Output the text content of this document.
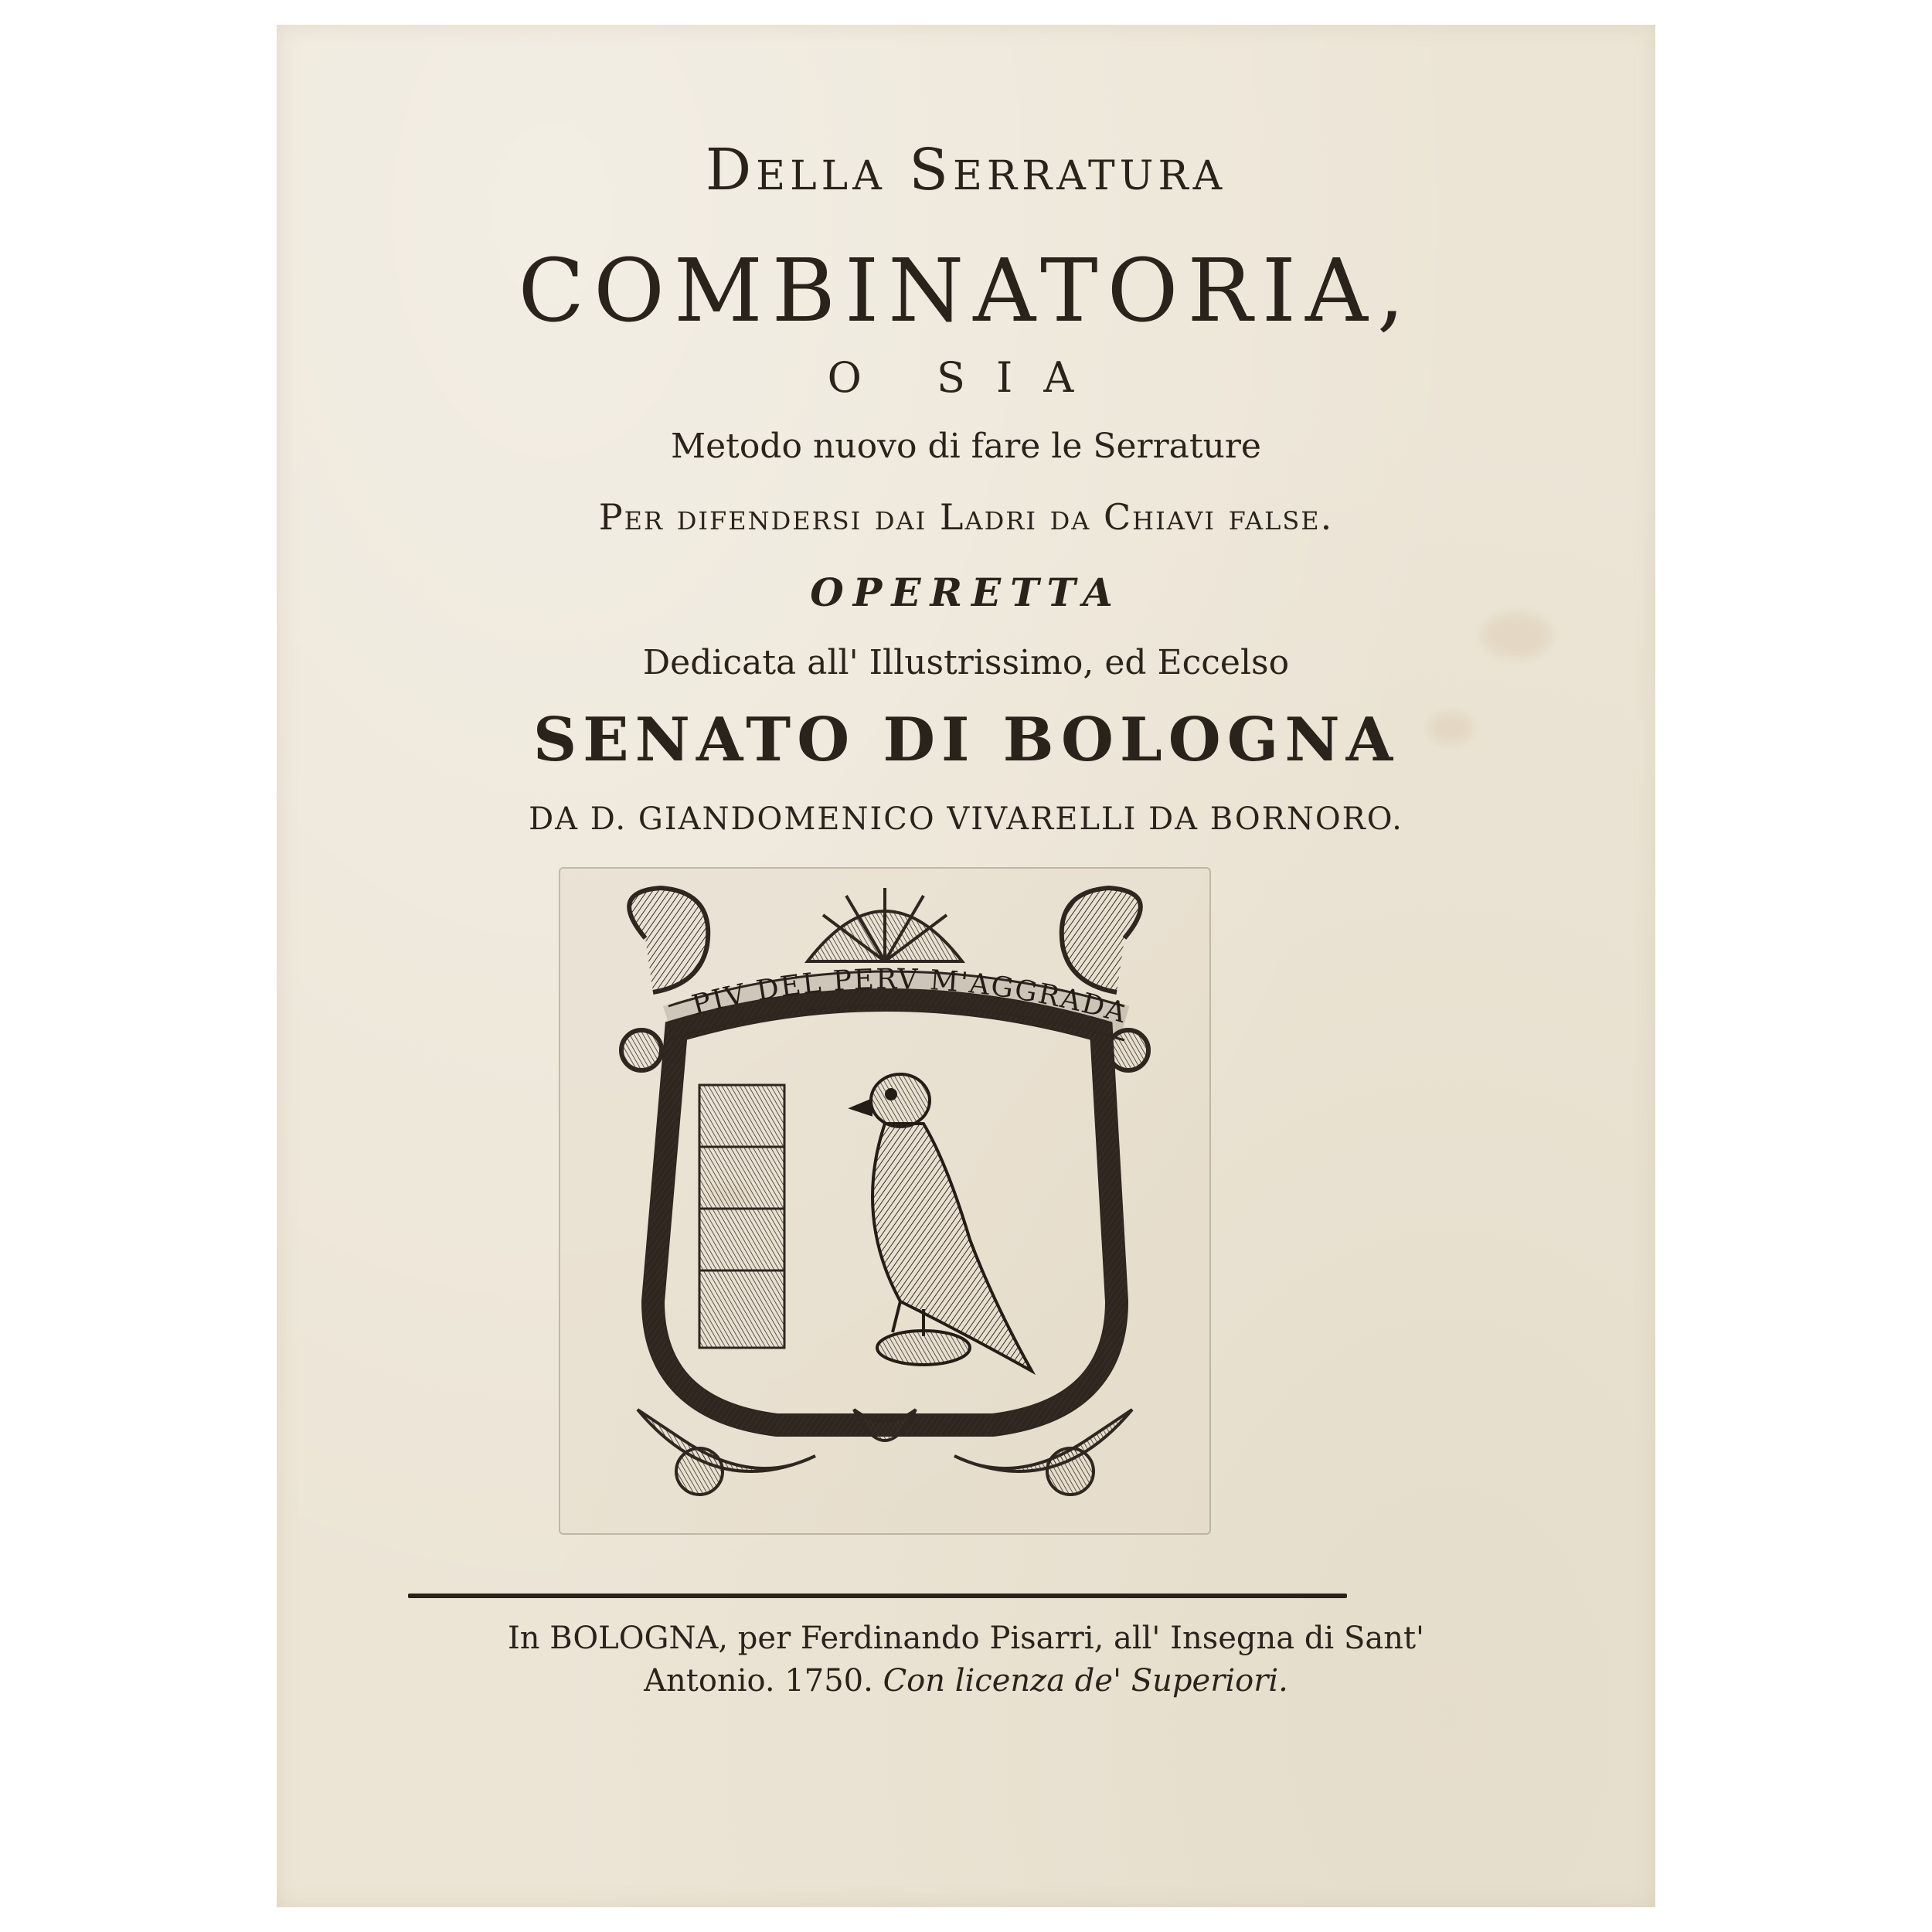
Della Serratura
COMBINATORIA,
O SIA
Metodo nuovo di fare le Serrature
Per difendersi dai Ladri da Chiavi false.
OPERETTA
Dedicata all' Illustrissimo, ed Eccelso
SENATO DI BOLOGNA
DA D. GIANDOMENICO VIVARELLI DA BORNORO.
PIV DEL PERV M'AGGRADA
In BOLOGNA, per Ferdinando Pisarri, all' Insegna di Sant'
Antonio. 1750. Con licenza de' Superiori.
